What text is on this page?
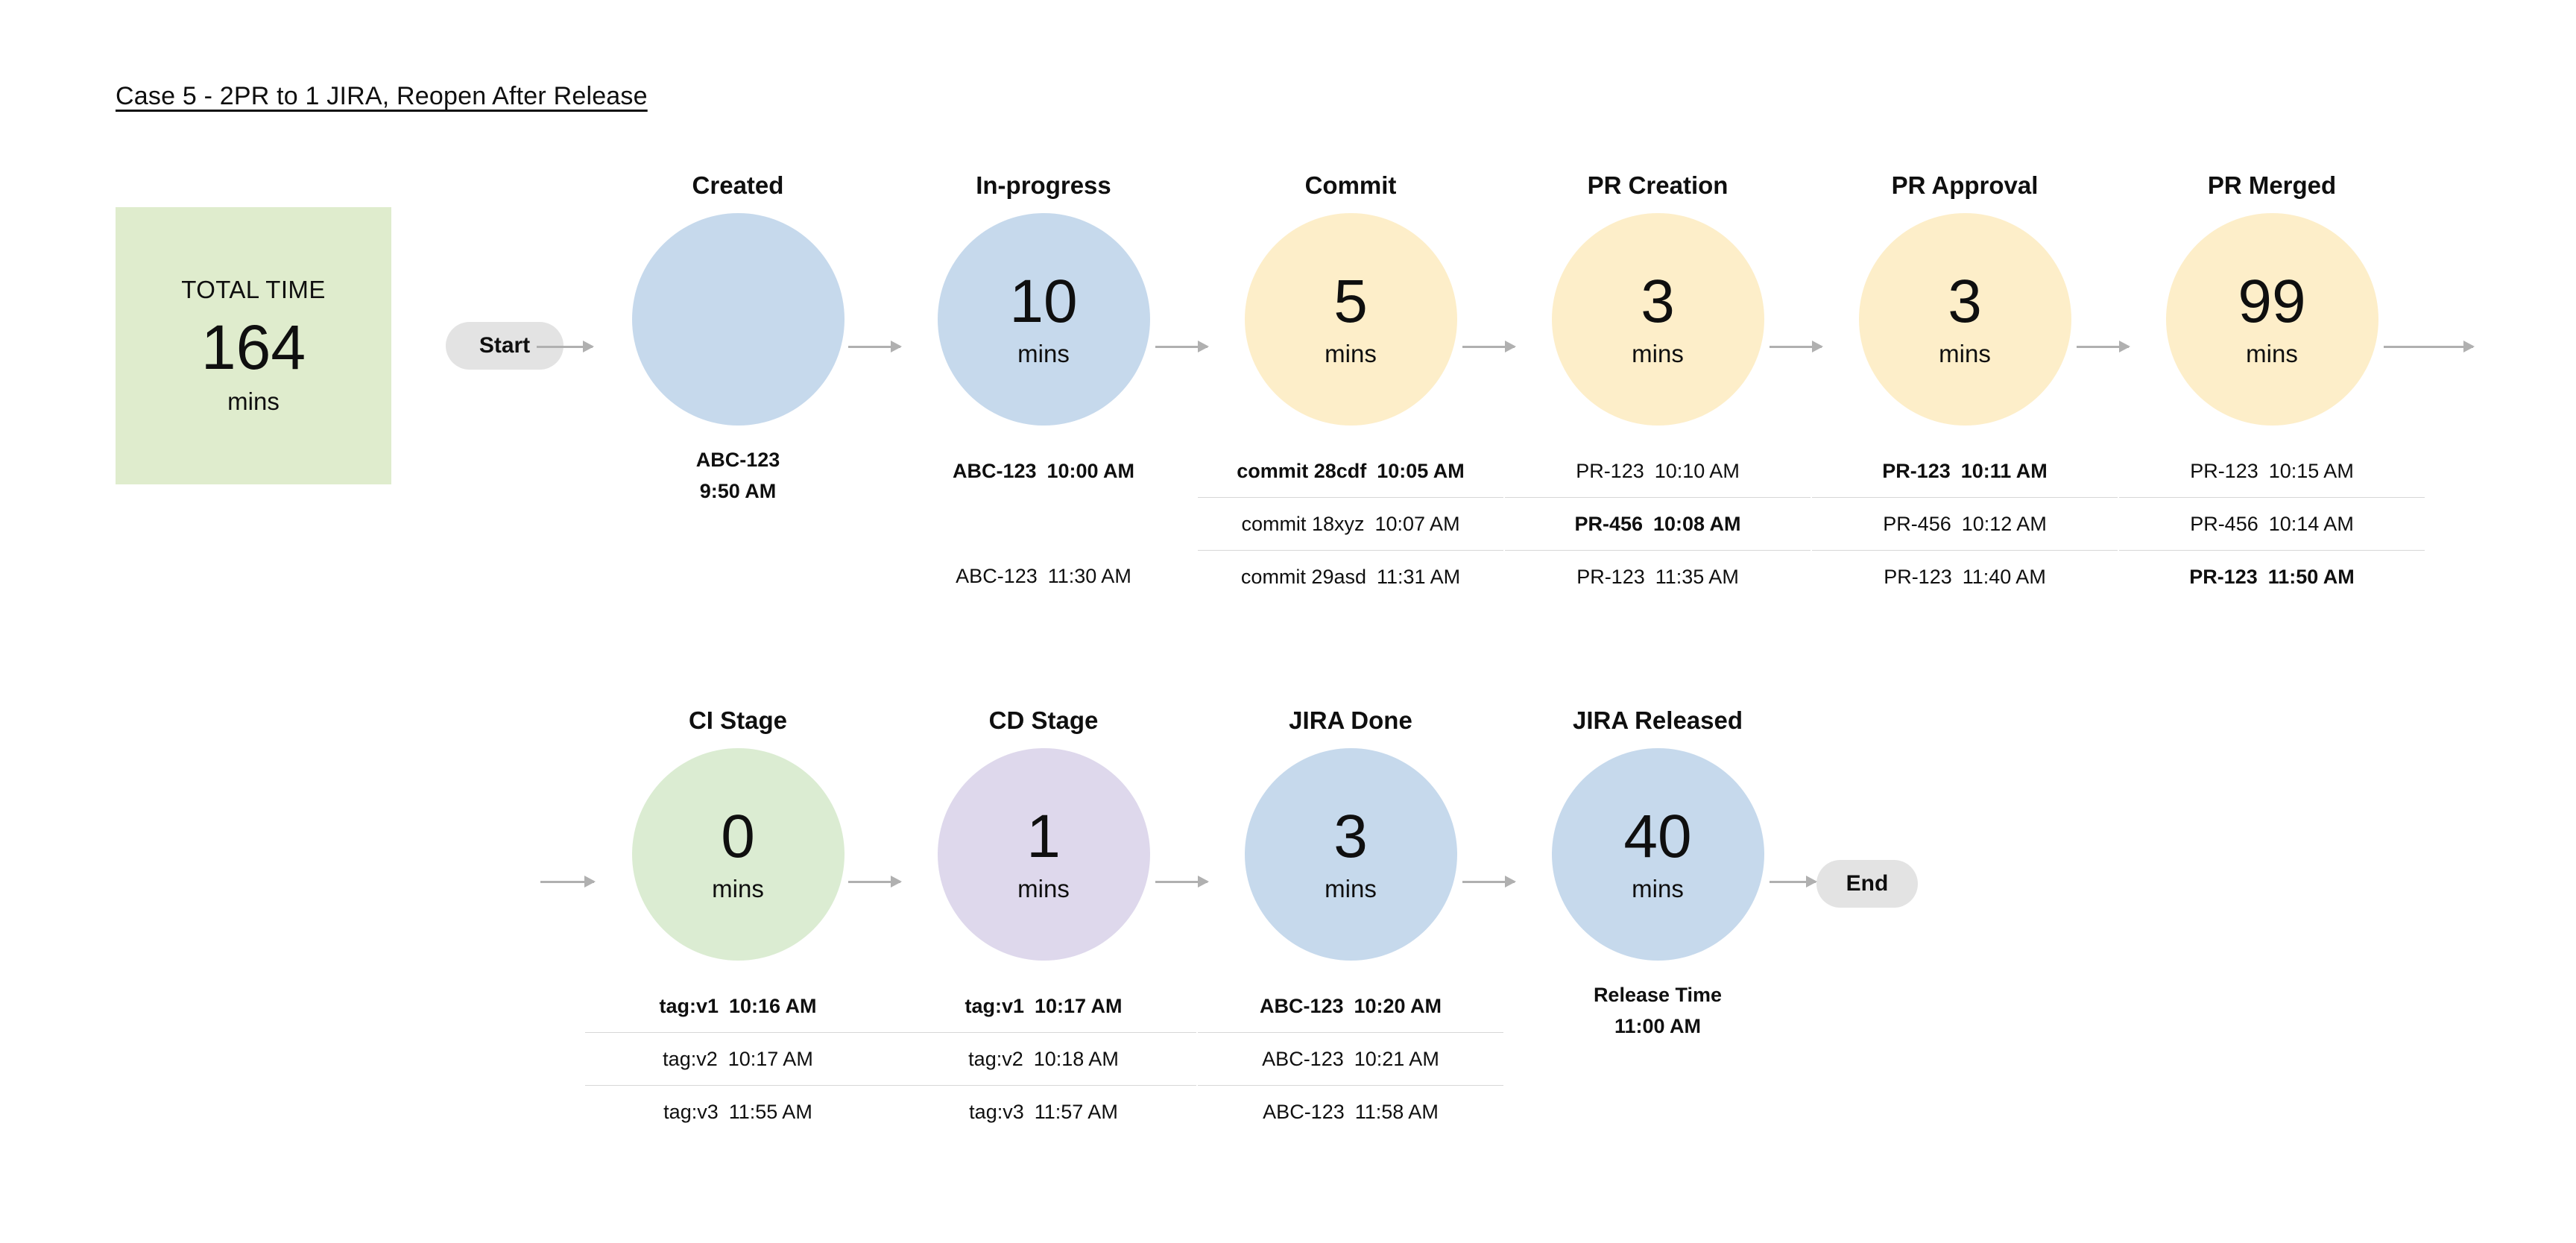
Case 5 - 2PR to 1 JIRA, Reopen After Release
TOTAL TIME
164
mins
Start
End
Created
ABC-123
9:50 AM
In-progress
10
mins
ABC-123 10:00 AM
ABC-123 11:30 AM
Commit
5
mins
commit 28cdf 10:05 AM
commit 18xyz 10:07 AM
commit 29asd 11:31 AM
PR Creation
3
mins
PR-123 10:10 AM
PR-456 10:08 AM
PR-123 11:35 AM
PR Approval
3
mins
PR-123 10:11 AM
PR-456 10:12 AM
PR-123 11:40 AM
PR Merged
99
mins
PR-123 10:15 AM
PR-456 10:14 AM
PR-123 11:50 AM
CI Stage
0
mins
tag:v1 10:16 AM
tag:v2 10:17 AM
tag:v3 11:55 AM
CD Stage
1
mins
tag:v1 10:17 AM
tag:v2 10:18 AM
tag:v3 11:57 AM
JIRA Done
3
mins
ABC-123 10:20 AM
ABC-123 10:21 AM
ABC-123 11:58 AM
JIRA Released
40
mins
Release Time
11:00 AM
